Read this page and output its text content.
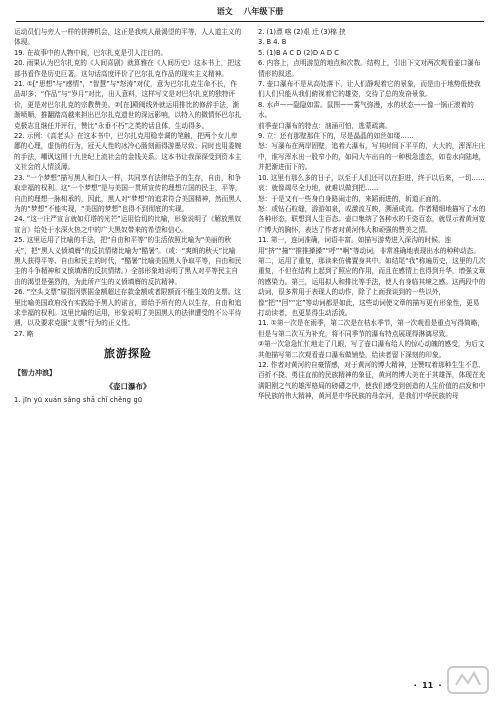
语文 八年级下册

运动员们与旁人一样的拼搏机会，这正是我疾人最渴望的平等，人人道主义的体现。

19. 在故事中的人物中间，巴尔扎克是引人注目的。

20. 雨果认为巴尔扎克的《人间喜剧》就算雅在《人间历史》这本书上，把这部书看作是历史巨著。这句话高度评价了巴尔扎克作品的现实主义精神。

21. ①[“思想”与“感情”，“智慧”与“怒涛”对仗，意为巴尔扎克生命不长，作品却多；“作品”与“岁月”对比，出人意料，这样写文是对巴尔扎克的独特评价，更是对巴尔扎克的宗教赞美。②[在]殿阀线外就运用排比的修辞手法，渐渐喷顺，推翻踏高越来担出巴尔扎克遗世的深远影响，以特入的微情怀巴尔扎克极志且继任并评行，赞比“永垂不朽”之类的话且体，生动得多。

22. 示例：《高老头》在这本书中，巴尔扎克用稳幸调的笔触，把两个女儿卑鄙的心理，虚伪的行为，冠天人性的冰冷心肠刻画得游墨尽致；同时也用委婉的手法，嘲讽这围十九世纪上流社会的金钱关系。这本书让我深深受到资本主义社会的人情淡薄。

23. “一个梦想”描写黑人和白人一样，共同享有法律给予的生存，自由，和争取幸福的权利。这“一个梦想”是与美国一贯所宣传的理想立国的民主，平等，自由的理想一脉相承的，因此，黑人对“梦想”的追求符合美国精神，然而黑人为的“梦想”不能实现，“美国的梦想”也得不到彻底的实现。

24. “这一庄严宣言就如灯塔的光芒”运用恰切的比喻，形象说明了《解放黑奴宣言》给处于水深火热之中的广大黑奴带来的希望和信心。

25. 这里运用了比喻的手法，把“自由和平等”的生活依照比喻为“美丽的秋天”，把“黑人义愤填膺”的反抗情绪比喻为“酷暑”。（或：“爽朗的秋天”比喻黑人获得平等、自由和民主的时代，“酷暑”比喻美国黑人争取平等，自由和民主的斗争精神和义愤填膺的反抗情绪。）全部形象地说明了黑人对平等民主自由的渴望是强烈的，为此所产生的义愤填膺的反抗精神。

26. “空头支票”原指因票据金额超过存款金额或者限额而不能生效的支票。这里比喻美国政府没有实践给予黑人的诺言，即给予所有的人以生存，自由和追求幸福的权利。这里比喻的运用，形象说明了美国黑人的法律遭受的不公平待遇，以及要求克服“支票”行为的正义性。

27. 略

旅游探险
【智力冲浪】
《壶口瀑布》
1. jīn yū xuán sǎng shā chǐ chěng gū

2. (1)漂 喀 (2)艰 迁 (3)棉 挟

3. B 4. B

5. (1)B A C D (2)D A D C

6. 内容上，点明游览的地点和次数。结构上，引出下文对两次观看壶口瀑布情形的叙述。

7. 壶口瀑布不是从高处落下，让人们静观着它的景象，而是由于地势低使我们人们只能从我们俯视着它的雄姿，交待了总的发奋景象。

8. 水声——隐隐如雷。鼠图——雾气弥漫，水的状态——像一锅正滚着的水。

前季壶口瀑布的特点：汹涌可怕，逃蒙疏离。

9. 立：还有那壁那住下的，尽是晶晶的如丝如缕……

怒：写瀑布在两岸固壁，追着大瀑布，写其时间下平平的，大大的，浑浑庄庄中，谁写浑水出一股窄小的，如同大车出自的一种极急遗态，如卷水向陆地，并把渐进而下的。

10. 这里有那么多的日子，以至于人们还可以在拒进，终于以后来，一切……

哀：就像竭尽全力地，就难以做到把……

怒：于是又有一些身白身路闹走的，来蹈雨进的，斩道正面的。

怒：或钻石粒缝，游游如泉，或激流互映，溯涌成流。作者精细地描写了水的各种形态，联想到人生百态。壶口集纳了各种水的千姿百态，就显示着黄河宽广博大的胸怀，表达了作者对黄河伟大和顽强的赞美之情。

11. 第一，连词准确，词语丰富。如描写游势进入深沟的时候，连用“挤”“撞”“推推搡搡”“呼”“啊”等动词，非常准确地表现出水的种种动态。第二，运用了重复，那读来仿佛置身其中。如结尾“我”称遍历史，这里的几次重复，不但在结构上起到了照应的作用，而且在感情上也得到升华，增强文章的感染力。第三，运用拟人和排比等手法，使人有身临其境之感。这两段中的动词，很多常用于表现人的动作，除了上面我谈到的一些以外，像“把”“回”“定”等动词都是如此，这些动词使文章的描写更有形象性，更易打动读者，也更显得生动活泼。

11. ①第一次是在雨季，第二次是在枯水季节，第一次观看是重点写得简略，但是与第二次互为补充，将不同季节的瀑布特点展现得淋漓尽致。

②第一次急急忙忙地走了几眼，写了壶口瀑布给人的惊心动魄的感受，为后文其他描写第二次观看壶口瀑布做铺垫，给读者留下深刻的印象。

12. 作者对黄河的自豪情感，对于黄河的博大精神，还赞叹着那种生生不息、百折不挠、勇往直前的民族精神的象征，黄河的博大美在于其雄浑，体现在充满阳刚之气的雄浑格局的磅礴之中，使我们感受到创造的人生价值的启发和中华民族的伟大精神，黄河是中华民族的母亲河，是我们中华民族的母

・ 11 ・
